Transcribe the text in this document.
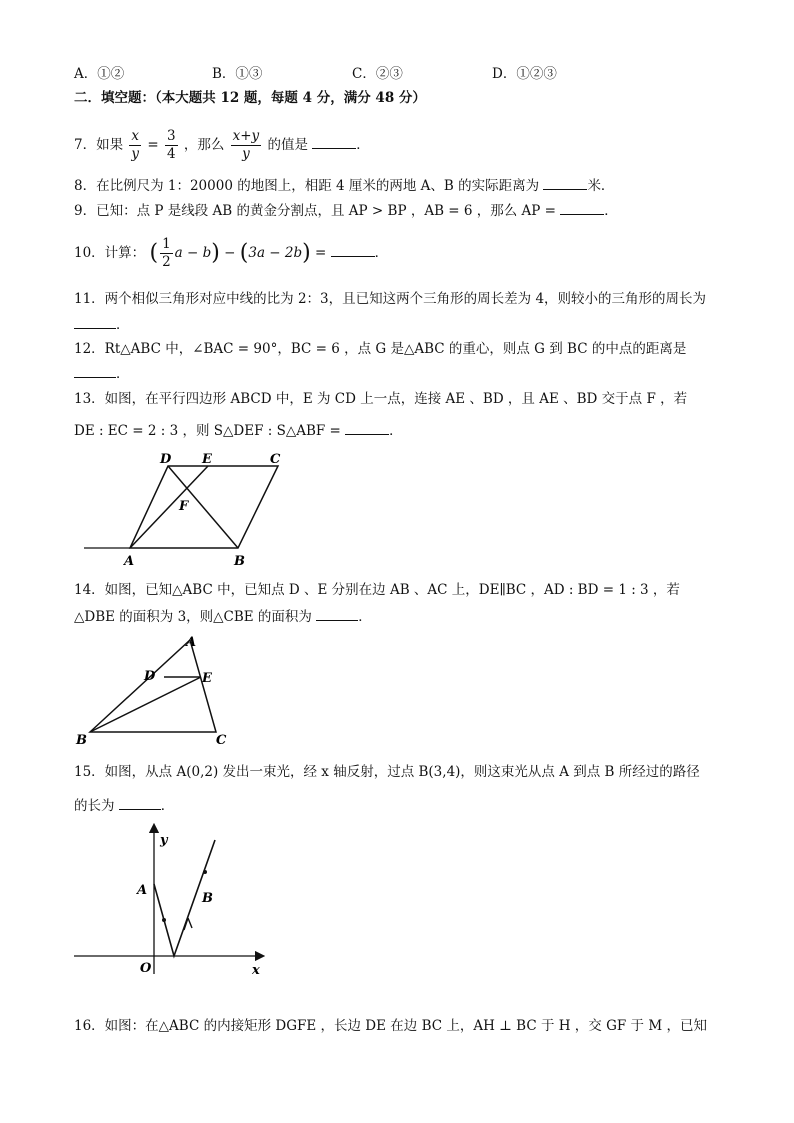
A．①②	B．①③	C．②③	D．①②③
二．填空题：（本大题共 12 题，每题 4 分，满分 48 分）
7．如果 $\frac{x}{y} = \frac{3}{4}$ ，那么 $\frac{x+y}{y}$ 的值是	．
8．在比例尺为 1：20000 的地图上，相距 4 厘米的两地 A、B 的实际距离为	米．
9．已知：点 P 是线段 AB 的黄金分割点，且 AP > BP ，AB = 6 ，那么 AP =	．
10．计算： ( $\frac{1}{2}$ a − b) − (3a − 2b) =	．
11．两个相似三角形对应中线的比为 2：3，且已知这两个三角形的周长差为 4，则较小的三角形的周长为
．
12．Rt△ABC 中，∠BAC = 90°，BC = 6 ，点 G 是△ABC 的重心，则点 G 到 BC 的中点的距离是
．
13．如图，在平行四边形 ABCD 中，E 为 CD 上一点，连接 AE 、BD ，且 AE 、BD 交于点 F ，若
DE : EC = 2 : 3 ，则 S△DEF : S△ABF =	．
D E	C
F
A	B
14．如图，已知△ABC 中，已知点 D 、E 分别在边 AB 、AC 上，DE∥BC ，AD : BD = 1 : 3 ，若
△DBE 的面积为 3，则△CBE 的面积为	．
A
D	E
B	C
15．如图，从点 A(0,2) 发出一束光，经 x 轴反射，过点 B(3,4)，则这束光从点 A 到点 B 所经过的路径
的长为	．
y
A
B
O	x
16．如图：在△ABC 的内接矩形 DGFE ，长边 DE 在边 BC 上，AH ⊥ BC 于 H ，交 GF 于 M ，已知
